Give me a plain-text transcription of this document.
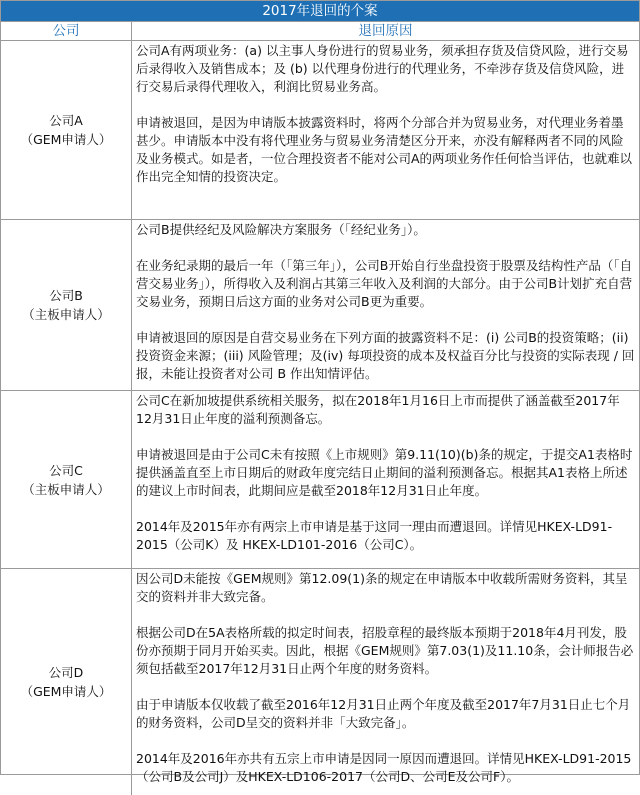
2017年退回的个案
公司	退回原因
公司A
（GEM申请人）

公司A有两项业务：(a) 以主事人身份进行的贸易业务，须承担存货及信贷风险，进行交易后录得收入及销售成本；及 (b) 以代理身份进行的代理业务，不牵涉存货及信贷风险，进行交易后录得代理收入，利润比贸易业务高。

申请被退回，是因为申请版本披露资料时，将两个分部合并为贸易业务，对代理业务着墨甚少。申请版本中没有将代理业务与贸易业务清楚区分开来，亦没有解释两者不同的风险及业务模式。如是者，一位合理投资者不能对公司A的两项业务作任何恰当评估，也就难以作出完全知情的投资决定。

公司B
（主板申请人）

公司B提供经纪及风险解决方案服务（「经纪业务」）。

在业务纪录期的最后一年（「第三年」），公司B开始自行坐盘投资于股票及结构性产品（「自营交易业务」），所得收入及利润占其第三年收入及利润的大部分。由于公司B计划扩充自营交易业务，预期日后这方面的业务对公司B更为重要。

申请被退回的原因是自营交易业务在下列方面的披露资料不足：(i) 公司B的投资策略；(ii) 投资资金来源；(iii) 风险管理；及(iv) 每项投资的成本及权益百分比与投资的实际表现 / 回报，未能让投资者对公司 B 作出知情评估。

公司C
（主板申请人）

公司C在新加坡提供系统相关服务，拟在2018年1月16日上市而提供了涵盖截至2017年12月31日止年度的溢利预测备忘。

申请被退回是由于公司C未有按照《上市规则》第9.11(10)(b)条的规定，于提交A1表格时提供涵盖直至上市日期后的财政年度完结日止期间的溢利预测备忘。根据其A1表格上所述的建议上市时间表，此期间应是截至2018年12月31日止年度。

2014年及2015年亦有两宗上市申请是基于这同一理由而遭退回。详情见HKEX-LD91-2015（公司K）及 HKEX-LD101-2016（公司C）。

公司D
（GEM申请人）

因公司D未能按《GEM规则》第12.09(1)条的规定在申请版本中收载所需财务资料，其呈交的资料并非大致完备。

根据公司D在5A表格所载的拟定时间表，招股章程的最终版本预期于2018年4月刊发，股份亦预期于同月开始买卖。因此，根据《GEM规则》第7.03(1)及11.10条，会计师报告必须包括截至2017年12月31日止两个年度的财务资料。

由于申请版本仅收载了截至2016年12月31日止两个年度及截至2017年7月31日止七个月的财务资料，公司D呈交的资料并非「大致完备」。

2014年及2016年亦共有五宗上市申请是因同一原因而遭退回。详情见HKEX-LD91-2015（公司B及公司J）及HKEX-LD106-2017（公司D、公司E及公司F）。
